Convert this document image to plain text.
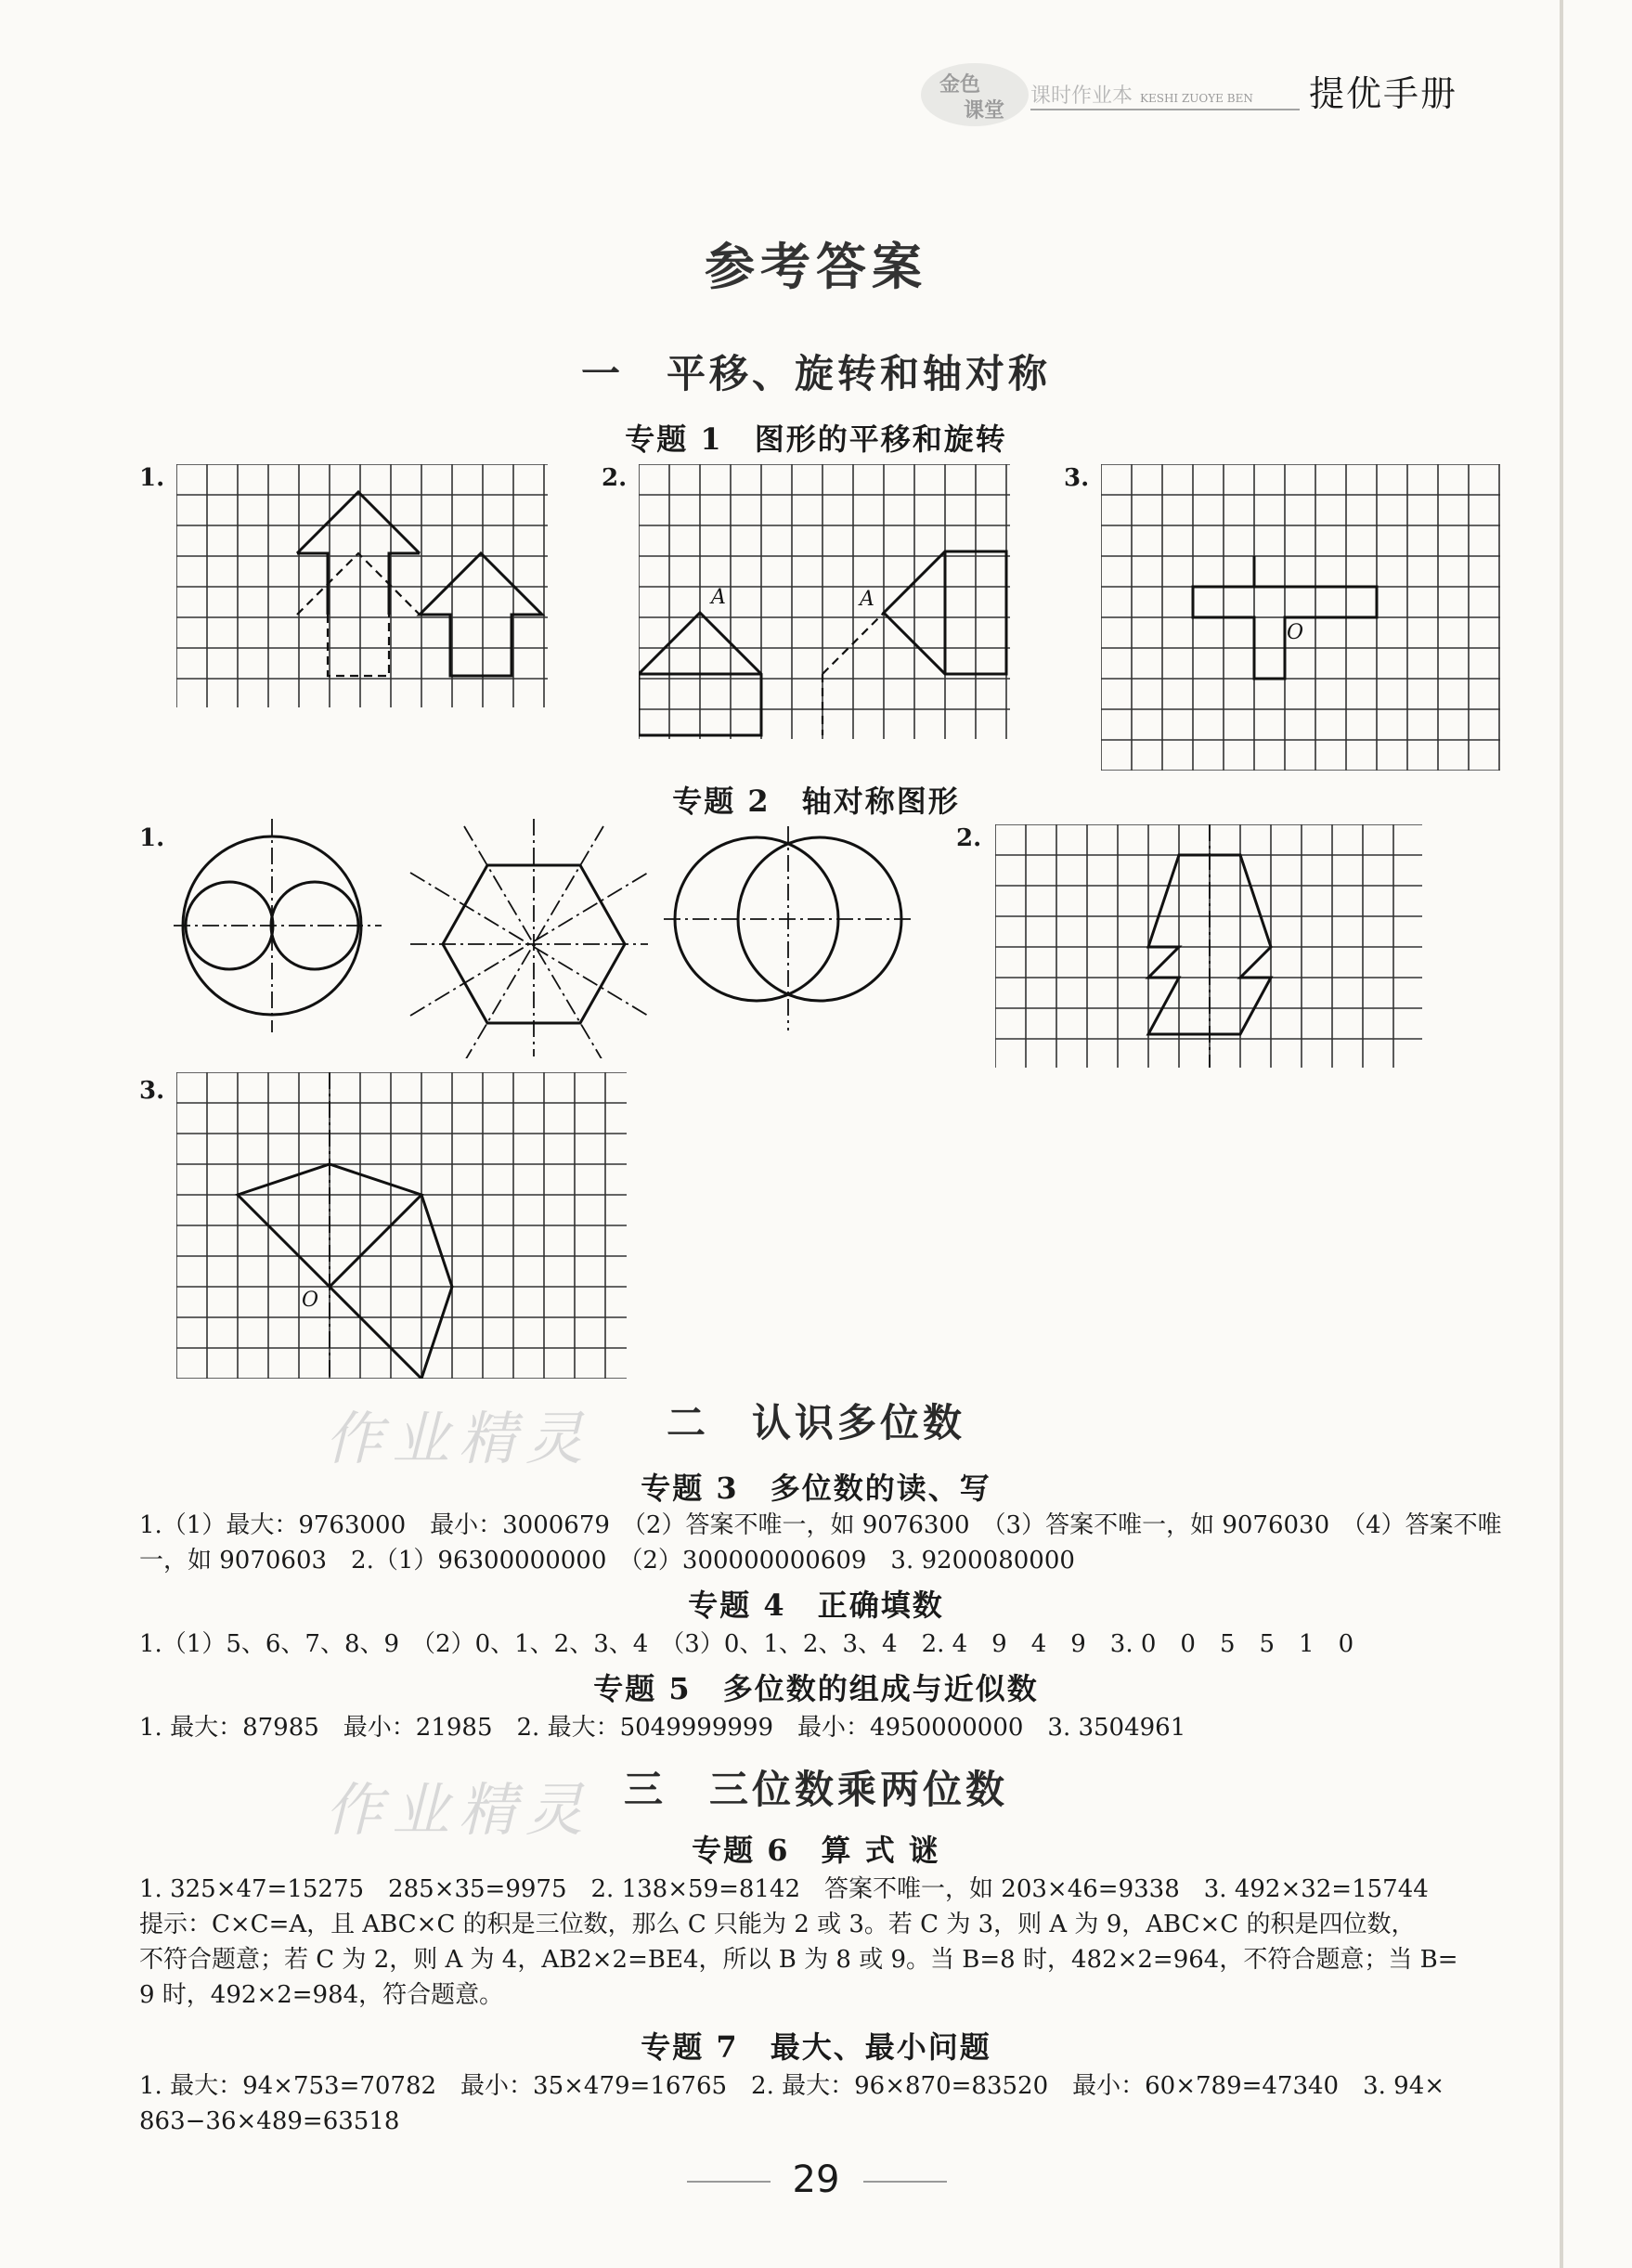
金色
课堂
课时作业本 KESHI ZUOYE BEN 提优手册
作业精灵
作业精灵
参考答案
一　平移、旋转和轴对称
专题 1　图形的平移和旋转
1.	2.
A	A
3.
O
专题 2　轴对称图形
1.	2.
3.
O
二　认识多位数
专题 3　多位数的读、写
1.（1）最大：9763000　最小：3000679　（2）答案不唯一，如 9076300　（3）答案不唯一，如 9076030　（4）答案不唯
一，如 9070603　2.（1）96300000000　（2）300000000609　3. 9200080000
专题 4　正确填数
1.（1）5、6、7、8、9　（2）0、1、2、3、4　（3）0、1、2、3、4　2. 4　9　4　9　3. 0　0　5　5　1　0
专题 5　多位数的组成与近似数
1. 最大：87985　最小：21985　2. 最大：5049999999　最小：4950000000　3. 3504961
三　三位数乘两位数
专题 6　算 式 谜
1. 325×47=15275　285×35=9975　2. 138×59=8142　答案不唯一，如 203×46=9338　3. 492×32=15744
提示：C×C=A，且 ABC×C 的积是三位数，那么 C 只能为 2 或 3。若 C 为 3，则 A 为 9，ABC×C 的积是四位数，
不符合题意；若 C 为 2，则 A 为 4，AB2×2=BE4，所以 B 为 8 或 9。当 B=8 时，482×2=964，不符合题意；当 B=
9 时，492×2=984，符合题意。
专题 7　最大、最小问题
1. 最大：94×753=70782　最小：35×479=16765　2. 最大：96×870=83520　最小：60×789=47340　3. 94×
863−36×489=63518
29
